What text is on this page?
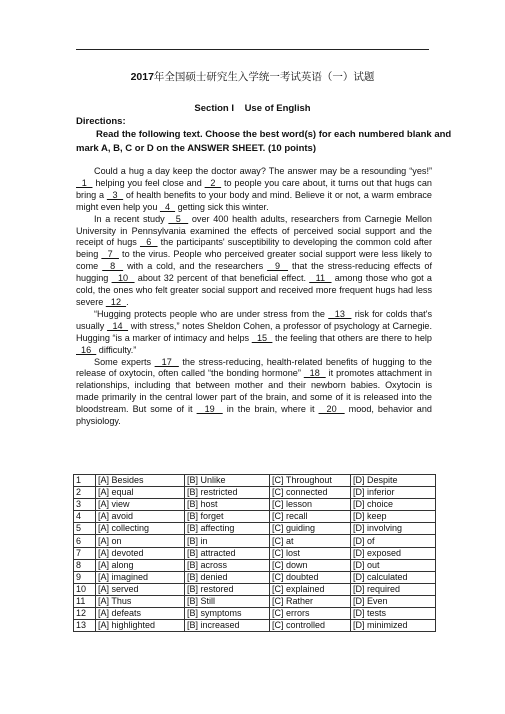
2017年全国硕士研究生入学统一考试英语（一）试题
Section I    Use of English
Directions:

Read the following text. Choose the best word(s) for each numbered blank and mark A, B, C or D on the ANSWER SHEET. (10 points)

Could a hug a day keep the doctor away? The answer may be a resounding “yes!”   1   helping you feel close and   2   to people you care about, it turns out that hugs can bring a   3   of health benefits to your body and mind. Believe it or not, a warm embrace might even help you   4   getting sick this winter.

In a recent study   5   over 400 health adults, researchers from Carnegie Mellon University in Pennsylvania examined the effects of perceived social support and the receipt of hugs   6   the participants' susceptibility to developing the common cold after being   7   to the virus. People who perceived greater social support were less likely to come   8   with a cold, and the researchers   9   that the stress-reducing effects of hugging   10   about 32 percent of that beneficial effect.   11   among those who got a cold, the ones who felt greater social support and received more frequent hugs had less severe   12  .

“Hugging protects people who are under stress from the   13   risk for colds that's usually   14   with stress,” notes Sheldon Cohen, a professor of psychology at Carnegie. Hugging “is a marker of intimacy and helps   15   the feeling that others are there to help   16   difficulty.”

Some experts   17   the stress-reducing, health-related benefits of hugging to the release of oxytocin, often called “the bonding hormone”   18   it promotes attachment in relationships, including that between mother and their newborn babies. Oxytocin is made primarily in the central lower part of the brain, and some of it is released into the bloodstream. But some of it   19   in the brain, where it   20   mood, behavior and physiology.

1	[A] Besides	[B] Unlike	[C] Throughout	[D] Despite
2	[A] equal	[B] restricted	[C] connected	[D] inferior
3	[A] view	[B] host	[C] lesson	[D] choice
4	[A] avoid	[B] forget	[C] recall	[D] keep
5	[A] collecting	[B] affecting	[C] guiding	[D] involving
6	[A] on	[B] in	[C] at	[D] of
7	[A] devoted	[B] attracted	[C] lost	[D] exposed
8	[A] along	[B] across	[C] down	[D] out
9	[A] imagined	[B] denied	[C] doubted	[D] calculated
10	[A] served	[B] restored	[C] explained	[D] required
11	[A] Thus	[B] Still	[C] Rather	[D] Even
12	[A] defeats	[B] symptoms	[C] errors	[D] tests
13	[A] highlighted	[B] increased	[C] controlled	[D] minimized
